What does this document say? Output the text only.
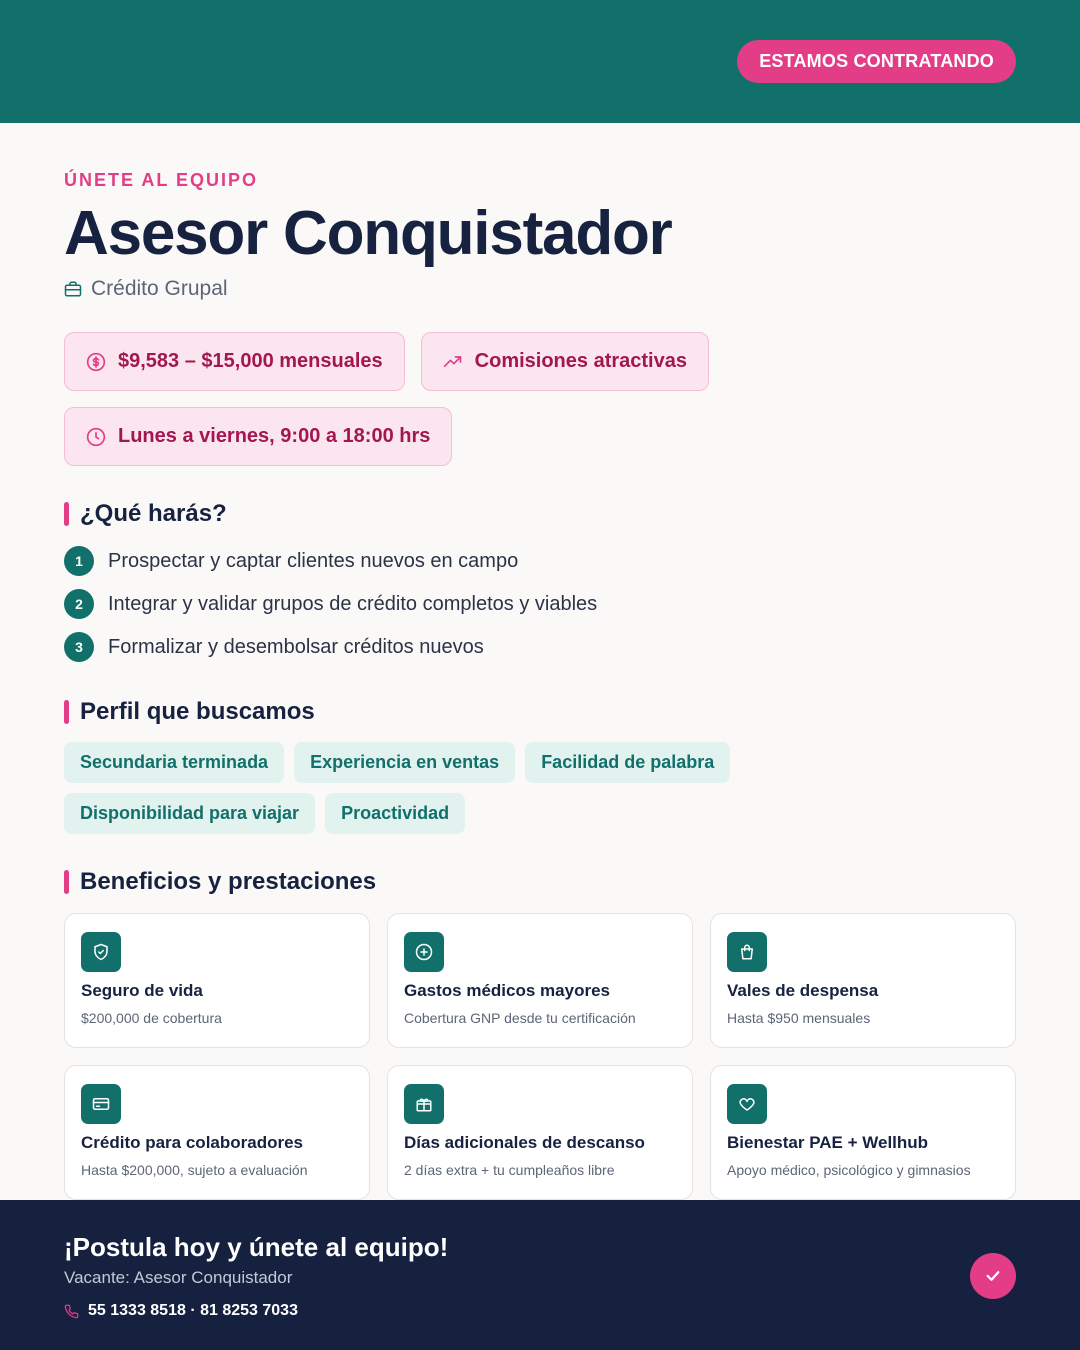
ESTAMOS CONTRATANDO
ÚNETE AL EQUIPO
Asesor Conquistador
Crédito Grupal
$9,583 – $15,000 mensuales	Comisiones atractivas
Lunes a viernes, 9:00 a 18:00 hrs
¿Qué harás?
1	Prospectar y captar clientes nuevos en campo
2	Integrar y validar grupos de crédito completos y viables
3	Formalizar y desembolsar créditos nuevos
Perfil que buscamos
Secundaria terminada	Experiencia en ventas	Facilidad de palabra
Disponibilidad para viajar	Proactividad
Beneficios y prestaciones
Seguro de vida
$200,000 de cobertura
Gastos médicos mayores
Cobertura GNP desde tu certificación
Vales de despensa
Hasta $950 mensuales
Crédito para colaboradores
Hasta $200,000, sujeto a evaluación
Días adicionales de descanso
2 días extra + tu cumpleaños libre
Bienestar PAE + Wellhub
Apoyo médico, psicológico y gimnasios
¡Postula hoy y únete al equipo!
Vacante: Asesor Conquistador
55 1333 8518 · 81 8253 7033
